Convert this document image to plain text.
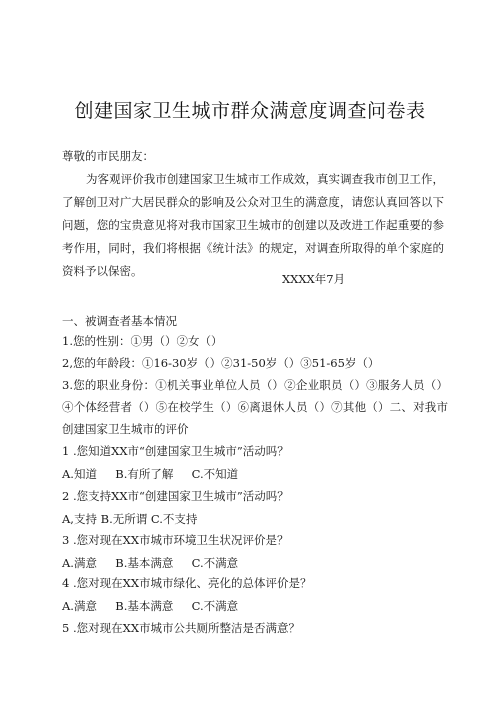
创建国家卫生城市群众满意度调查问卷表
尊敬的市民朋友：
为客观评价我市创建国家卫生城市工作成效，真实调查我市创卫工作，了解创卫对广大居民群众的影响及公众对卫生的满意度，请您认真回答以下问题，您的宝贵意见将对我市国家卫生城市的创建以及改进工作起重要的参考作用，同时，我们将根据《统计法》的规定，对调查所取得的单个家庭的资料予以保密。
XXXX年7月
一、被调查者基本情况
1.您的性别：①男（）②女（）
2,您的年龄段：①16-30岁（）②31-50岁（）③51-65岁（）
3.您的职业身份：①机关事业单位人员（）②企业职员（）③服务人员（）④个体经营者（）⑤在校学生（）⑥离退休人员（）⑦其他（）二、对我市创建国家卫生城市的评价
1 .您知道XX市“创建国家卫生城市”活动吗？
A.知道     B.有所了解     C.不知道
2 .您支持XX市“创建国家卫生城市”活动吗？
A,支持 B.无所谓 C.不支持
3 .您对现在XX市城市环境卫生状况评价是？
A.满意     B.基本满意     C.不满意
4 .您对现在XX市城市绿化、亮化的总体评价是？
A.满意     B.基本满意     C.不满意
5 .您对现在XX市城市公共厕所整洁是否满意？
